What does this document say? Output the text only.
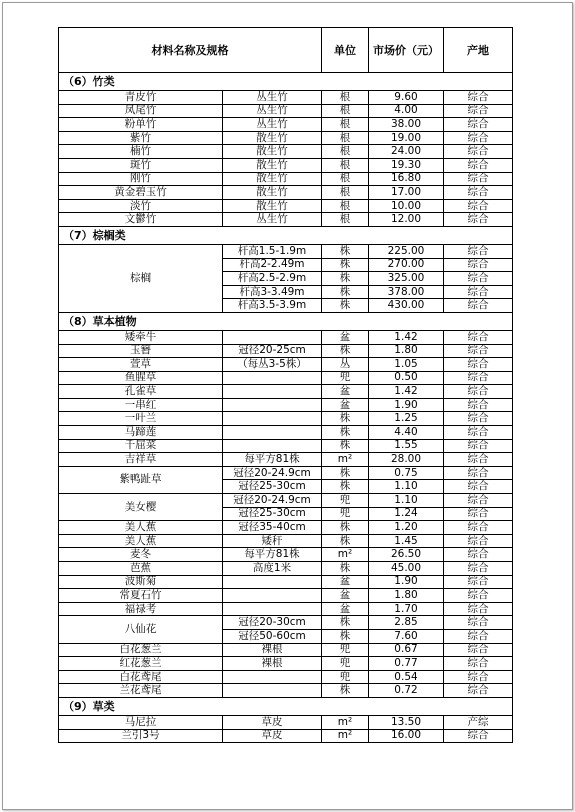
材料名称及规格		单位	市场价（元）	产地
（6）竹类				
青皮竹	丛生竹	根	9.60	综合
凤尾竹	丛生竹	根	4.00	综合
粉单竹	丛生竹	根	38.00	综合
紫竹	散生竹	根	19.00	综合
楠竹	散生竹	根	24.00	综合
斑竹	散生竹	根	19.30	综合
刚竹	散生竹	根	16.80	综合
黄金碧玉竹	散生竹	根	17.00	综合
淡竹	散生竹	根	10.00	综合
文鬱竹	丛生竹	根	12.00	综合
（7）棕榈类				
棕榈	杆高1.5-1.9m	株	225.00	综合
	杆高2-2.49m	株	270.00	综合
	杆高2.5-2.9m	株	325.00	综合
	杆高3-3.49m	株	378.00	综合
	杆高3.5-3.9m	株	430.00	综合
（8）草本植物				
矮牵牛		盆	1.42	综合
玉簪	冠径20-25cm	株	1.80	综合
萱草	（每丛3-5株）	丛	1.05	综合
鱼腥草		兜	0.50	综合
孔雀草		盆	1.42	综合
一串红		盆	1.90	综合
一叶兰		株	1.25	综合
马蹄莲		株	4.40	综合
千屈菜		株	1.55	综合
吉祥草	每平方81株	m²	28.00	综合
紫鸭趾草	冠径20-24.9cm	株	0.75	综合
	冠径25-30cm	株	1.10	综合
美女樱	冠径20-24.9cm	兜	1.10	综合
	冠径25-30cm	兜	1.24	综合
美人蕉	冠径35-40cm	株	1.20	综合
美人蕉	矮秆	株	1.45	综合
麦冬	每平方81株	m²	26.50	综合
芭蕉	高度1米	株	45.00	综合
波斯菊		盆	1.90	综合
常夏石竹		盆	1.80	综合
福禄考		盆	1.70	综合
八仙花	冠径20-30cm	株	2.85	综合
	冠径50-60cm	株	7.60	综合
白花葱兰	裸根	兜	0.67	综合
红花葱兰	裸根	兜	0.77	综合
白花鸢尾		兜	0.54	综合
兰花鸢尾		株	0.72	综合
（9）草类				
马尼拉	草皮	m²	13.50	产综
兰引3号	草皮	m²	16.00	综合
